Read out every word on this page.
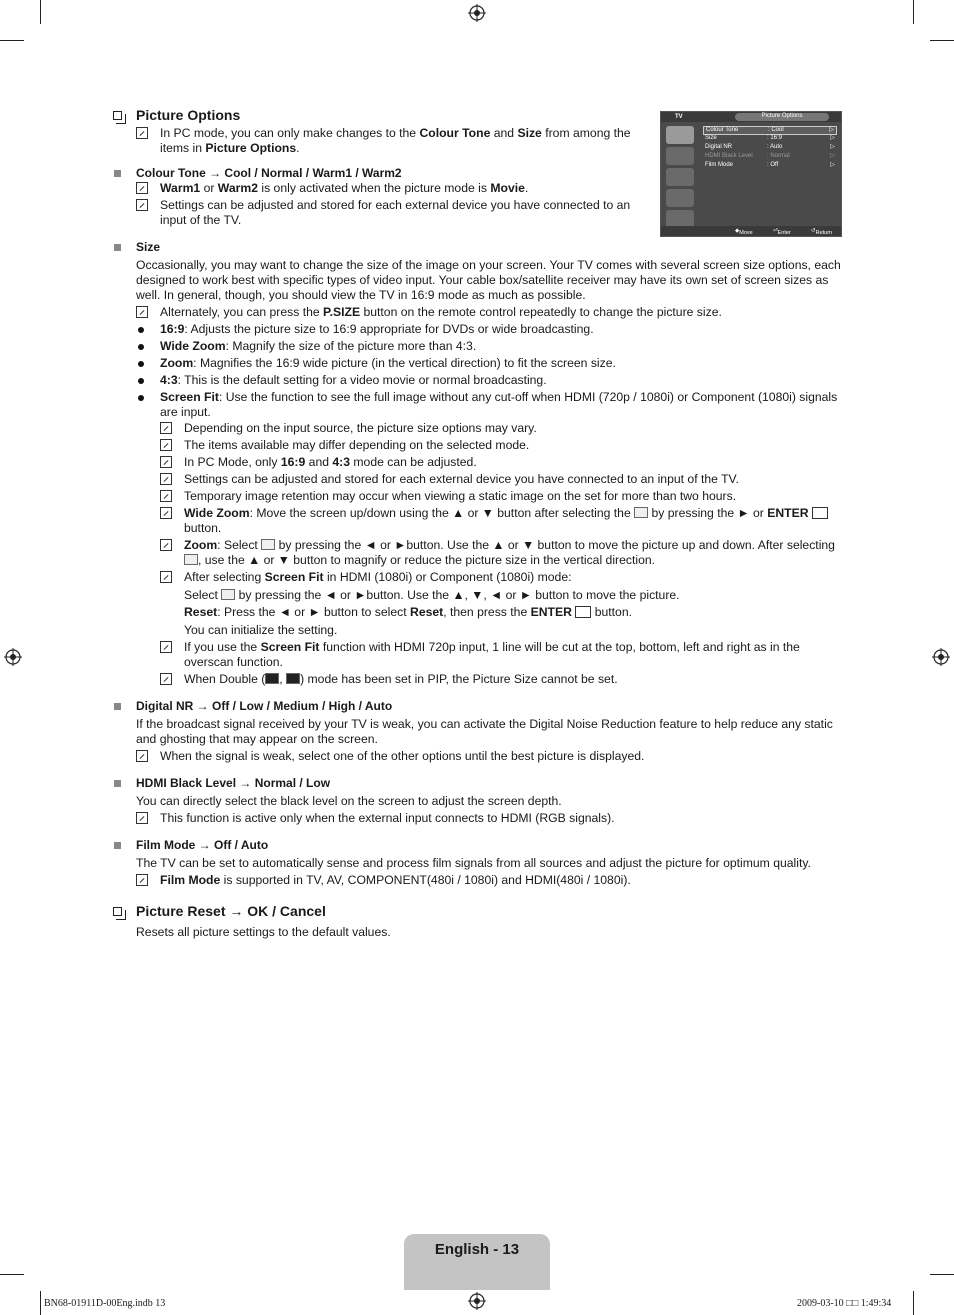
TV	Picture Options
Colour Tone	: Cool	▷
Size	: 16:9	▷
Digital NR	: Auto	▷
HDMI Black Level : Normal	▷
Film Mode	: Off	▷
◆ Move	⏎ Enter	↺ Return
Picture Options
In PC mode, you can only make changes to the Colour Tone and Size from among the items in Picture Options.
Colour Tone → Cool / Normal / Warm1 / Warm2
Warm1 or Warm2 is only activated when the picture mode is Movie.
Settings can be adjusted and stored for each external device you have connected to an input of the TV.
Size
Occasionally, you may want to change the size of the image on your screen. Your TV comes with several screen size options, each designed to work best with specific types of video input. Your cable box/satellite receiver may have its own set of screen sizes as well. In general, though, you should view the TV in 16:9 mode as much as possible.
Alternately, you can press the P.SIZE button on the remote control repeatedly to change the picture size.
16:9: Adjusts the picture size to 16:9 appropriate for DVDs or wide broadcasting.
Wide Zoom: Magnify the size of the picture more than 4:3.
Zoom: Magnifies the 16:9 wide picture (in the vertical direction) to fit the screen size.
4:3: This is the default setting for a video movie or normal broadcasting.
Screen Fit: Use the function to see the full image without any cut-off when HDMI (720p / 1080i) or Component (1080i) signals are input.
Depending on the input source, the picture size options may vary.
The items available may differ depending on the selected mode.
In PC Mode, only 16:9 and 4:3 mode can be adjusted.
Settings can be adjusted and stored for each external device you have connected to an input of the TV.
Temporary image retention may occur when viewing a static image on the set for more than two hours.
Wide Zoom: Move the screen up/down using the ▲ or ▼ button after selecting the  by pressing the ► or ENTER
button.
Zoom: Select  by pressing the ◄ or ►button. Use the ▲ or ▼ button to move the picture up and down. After selecting , use the ▲ or ▼ button to magnify or reduce the picture size in the vertical direction.
After selecting Screen Fit in HDMI (1080i) or Component (1080i) mode:
Select  by pressing the ◄ or ►button. Use the ▲, ▼, ◄ or ► button to move the picture.
Reset: Press the ◄ or ► button to select Reset, then press the ENTER  button.
You can initialize the setting.
If you use the Screen Fit function with HDMI 720p input, 1 line will be cut at the top, bottom, left and right as in the overscan function.
When Double ( , ) mode has been set in PIP, the Picture Size cannot be set.
Digital NR → Off / Low / Medium / High / Auto
If the broadcast signal received by your TV is weak, you can activate the Digital Noise Reduction feature to help reduce any static and ghosting that may appear on the screen.
When the signal is weak, select one of the other options until the best picture is displayed.
HDMI Black Level → Normal / Low
You can directly select the black level on the screen to adjust the screen depth.
This function is active only when the external input connects to HDMI (RGB signals).
Film Mode → Off / Auto
The TV can be set to automatically sense and process film signals from all sources and adjust the picture for optimum quality.
Film Mode is supported in TV, AV, COMPONENT(480i / 1080i) and HDMI(480i / 1080i).
Picture Reset → OK / Cancel
Resets all picture settings to the default values.
English - 13
BN68-01911D-00Eng.indb 13	2009-03-10 □□ 1:49:34
